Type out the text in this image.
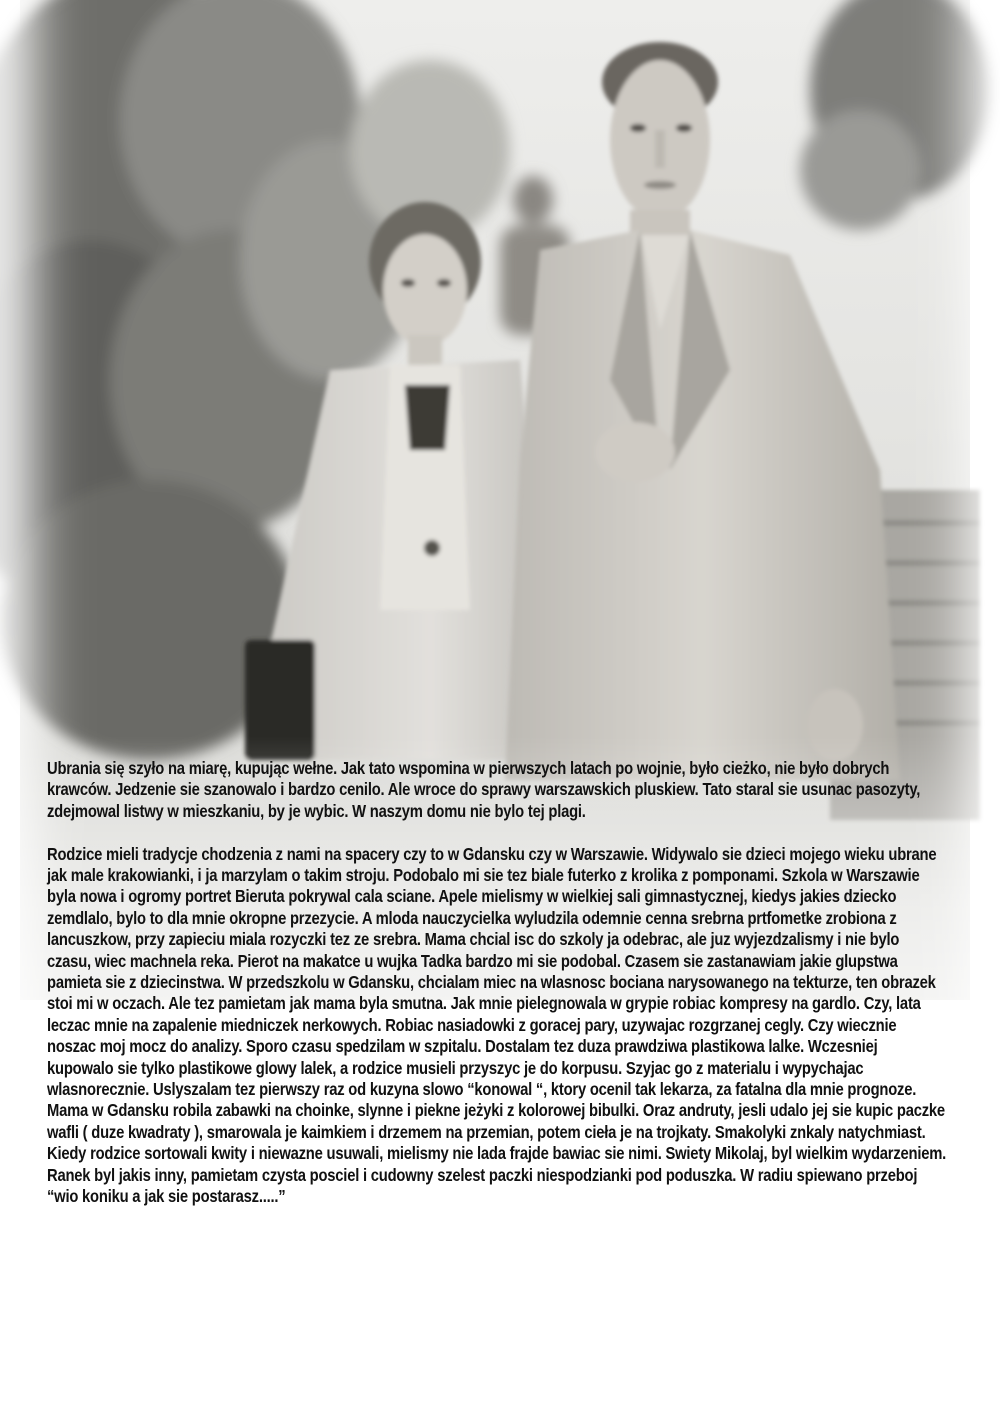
Ubrania się szyło na miarę, kupując wełne. Jak tato wspomina w pierwszych latach po wojnie, było cieżko, nie było dobrych krawców. Jedzenie sie szanowalo i bardzo cenilo. Ale wroce do sprawy warszawskich pluskiew. Tato staral sie usunac pasozyty, zdejmowal listwy w mieszkaniu, by je wybic. W naszym domu nie bylo tej plagi.

Rodzice mieli tradycje chodzenia z nami na spacery czy to w Gdansku czy w Warszawie. Widywalo sie dzieci mojego wieku ubrane jak male krakowianki, i ja marzylam o takim stroju. Podobalo mi sie tez biale futerko z krolika z pomponami. Szkola w Warszawie byla nowa i ogromy portret Bieruta pokrywal cala sciane. Apele mielismy w wielkiej sali gimnastycznej, kiedys jakies dziecko zemdlalo, bylo to dla mnie okropne przezycie. A mloda nauczycielka wyludzila odemnie cenna srebrna prtfometke zrobiona z lancuszkow, przy zapieciu miala rozyczki tez ze srebra. Mama chcial isc do szkoly ja odebrac, ale juz wyjezdzalismy i nie bylo czasu, wiec machnela reka. Pierot na makatce u wujka Tadka bardzo mi sie podobal. Czasem sie zastanawiam jakie glupstwa pamieta sie z dziecinstwa. W przedszkolu w Gdansku, chcialam miec na wlasnosc bociana narysowanego na tekturze, ten obrazek stoi mi w oczach. Ale tez pamietam jak mama byla smutna. Jak mnie pielegnowala w grypie robiac kompresy na gardlo. Czy, lata leczac mnie na zapalenie miedniczek nerkowych. Robiac nasiadowki z goracej pary, uzywajac rozgrzanej cegly. Czy wiecznie noszac moj mocz do analizy. Sporo czasu spedzilam w szpitalu. Dostalam tez duza prawdziwa plastikowa lalke. Wczesniej kupowalo sie tylko plastikowe glowy lalek, a rodzice musieli przyszyc je do korpusu. Szyjac go z materialu i wypychajac wlasnorecznie. Uslyszalam tez pierwszy raz od kuzyna slowo “konowal “, ktory ocenil tak lekarza, za fatalna dla mnie prognoze. Mama w Gdansku robila zabawki na choinke, slynne i piekne jeżyki z kolorowej bibulki. Oraz andruty, jesli udalo jej sie kupic paczke wafli ( duze kwadraty ), smarowala je kaimkiem i drzemem na przemian, potem cieła je na trojkaty. Smakolyki znkaly natychmiast. Kiedy rodzice sortowali kwity i niewazne usuwali, mielismy nie lada frajde bawiac sie nimi. Swiety Mikolaj, byl wielkim wydarzeniem. Ranek byl jakis inny, pamietam czysta posciel i cudowny szelest paczki niespodzianki pod poduszka. W radiu spiewano przeboj “wio koniku a jak sie postarasz.....”
